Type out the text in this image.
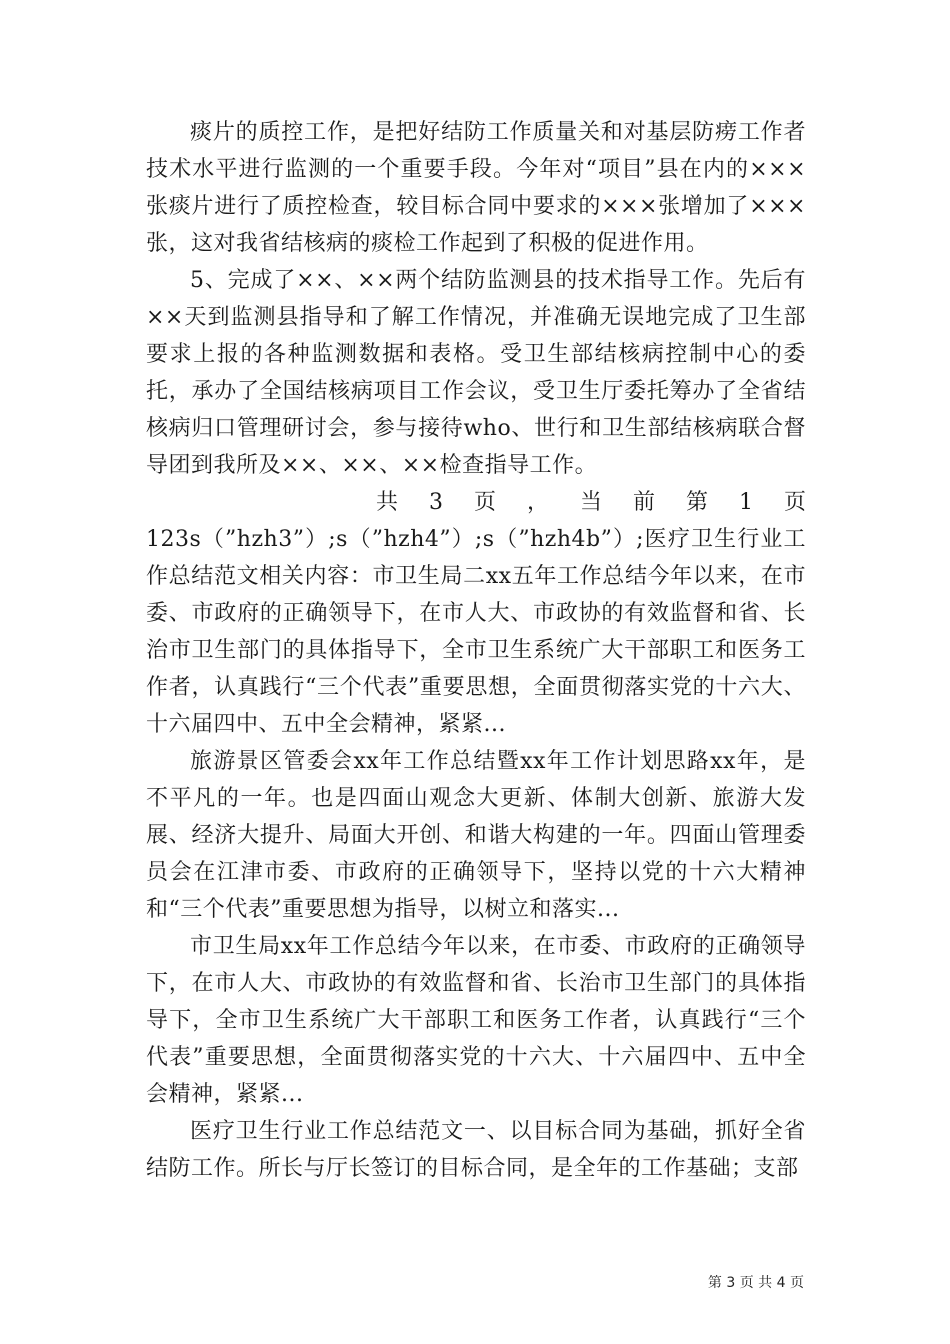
痰片的质控工作，是把好结防工作质量关和对基层防痨工作者技术水平进行监测的一个重要手段。今年对“项目”县在内的×××张痰片进行了质控检查，较目标合同中要求的×××张增加了×××张，这对我省结核病的痰检工作起到了积极的促进作用。

5、完成了××、××两个结防监测县的技术指导工作。先后有××天到监测县指导和了解工作情况，并准确无误地完成了卫生部要求上报的各种监测数据和表格。受卫生部结核病控制中心的委托，承办了全国结核病项目工作会议，受卫生厅委托筹办了全省结核病归口管理研讨会，参与接待who、世行和卫生部结核病联合督导团到我所及××、××、××检查指导工作。

共 3 页 ， 当 前 第 1 页

123s（”hzh3”）;s（”hzh4”）;s（”hzh4b”）;医疗卫生行业工作总结范文相关内容：市卫生局二xx五年工作总结今年以来，在市委、市政府的正确领导下，在市人大、市政协的有效监督和省、长治市卫生部门的具体指导下，全市卫生系统广大干部职工和医务工作者，认真践行“三个代表”重要思想，全面贯彻落实党的十六大、十六届四中、五中全会精神，紧紧...

旅游景区管委会xx年工作总结暨xx年工作计划思路xx年，是不平凡的一年。也是四面山观念大更新、体制大创新、旅游大发展、经济大提升、局面大开创、和谐大构建的一年。四面山管理委员会在江津市委、市政府的正确领导下，坚持以党的十六大精神和“三个代表”重要思想为指导，以树立和落实...

市卫生局xx年工作总结今年以来，在市委、市政府的正确领导下，在市人大、市政协的有效监督和省、长治市卫生部门的具体指导下，全市卫生系统广大干部职工和医务工作者，认真践行“三个代表”重要思想，全面贯彻落实党的十六大、十六届四中、五中全会精神，紧紧...

医疗卫生行业工作总结范文一、以目标合同为基础，抓好全省结防工作。所长与厅长签订的目标合同，是全年的工作基础；支部

第 3 页 共 4 页
